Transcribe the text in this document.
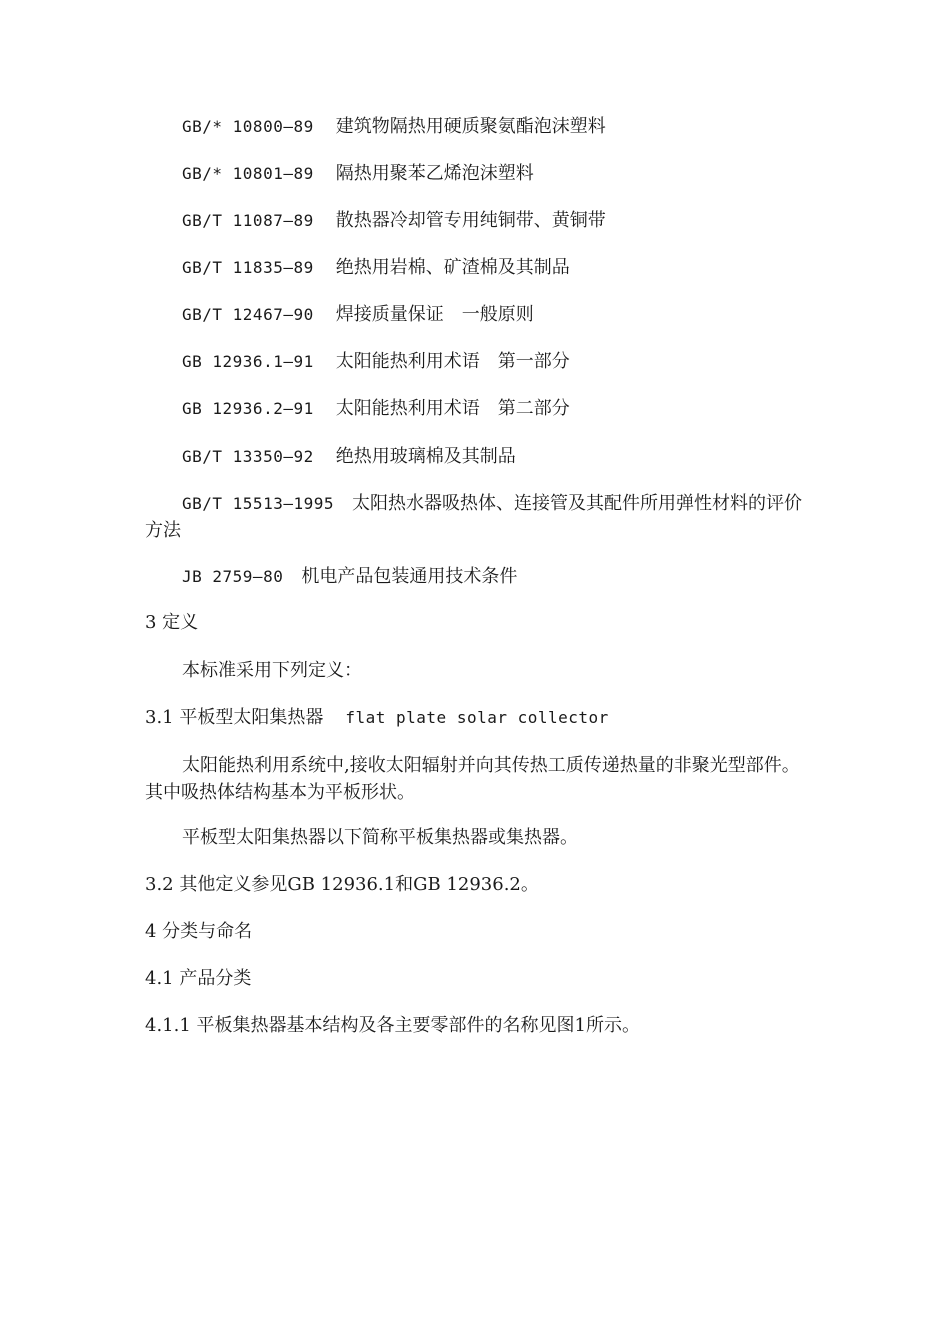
GB/* 10800—89 建筑物隔热用硬质聚氨酯泡沫塑料
GB/* 10801—89 隔热用聚苯乙烯泡沫塑料
GB/T 11087—89 散热器冷却管专用纯铜带、黄铜带
GB/T 11835—89 绝热用岩棉、矿渣棉及其制品
GB/T 12467—90 焊接质量保证　一般原则
GB 12936.1—91 太阳能热利用术语　第一部分
GB 12936.2—91 太阳能热利用术语　第二部分
GB/T 13350—92 绝热用玻璃棉及其制品
GB/T 15513—1995 太阳热水器吸热体、连接管及其配件所用弹性材料的评价方法
JB 2759—80 机电产品包装通用技术条件
3 定义
本标准采用下列定义：
3.1 平板型太阳集热器 flat plate solar collector
太阳能热利用系统中,接收太阳辐射并向其传热工质传递热量的非聚光型部件。其中吸热体结构基本为平板形状。
平板型太阳集热器以下简称平板集热器或集热器。
3.2 其他定义参见GB 12936.1和GB 12936.2。
4 分类与命名
4.1 产品分类
4.1.1 平板集热器基本结构及各主要零部件的名称见图1所示。
